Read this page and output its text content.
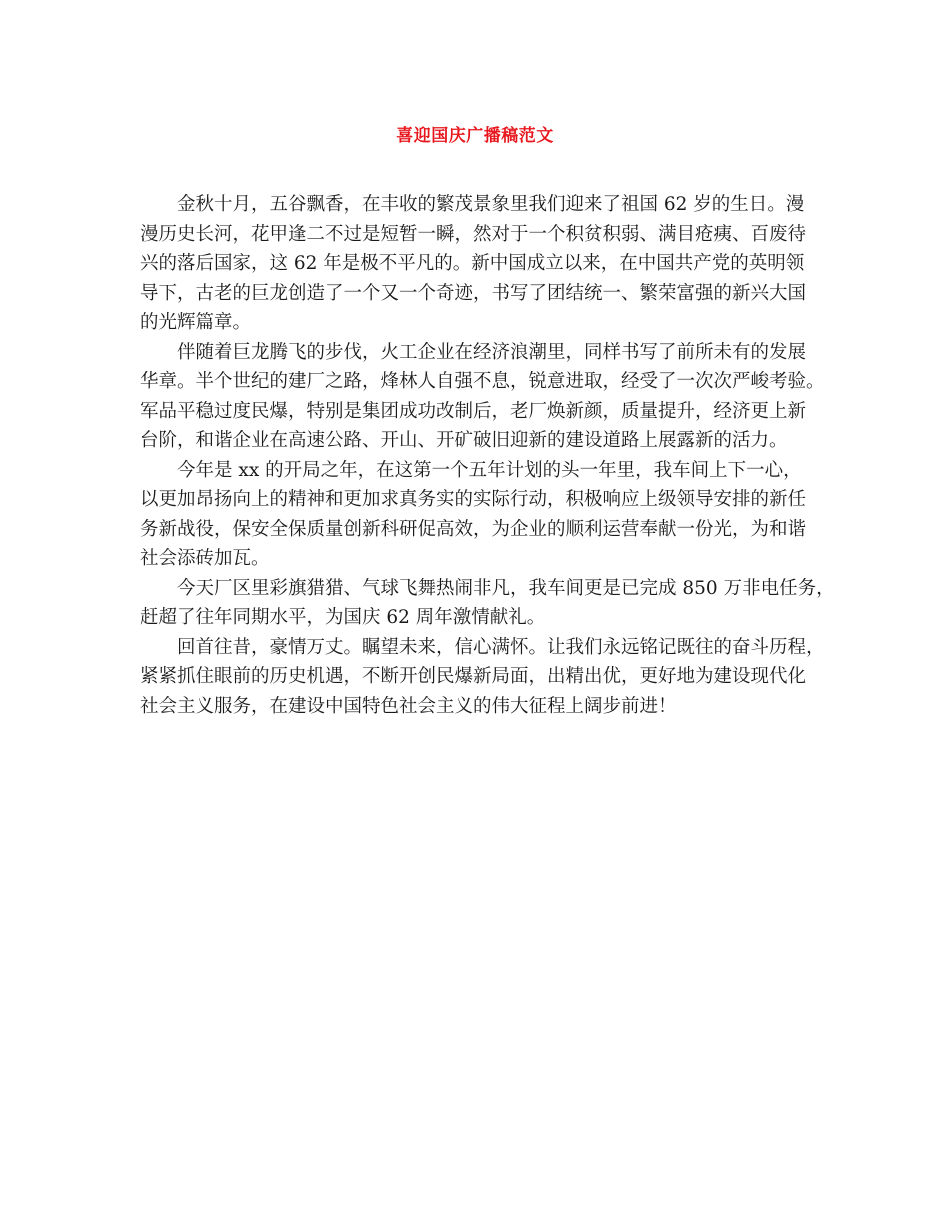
喜迎国庆广播稿范文
金秋十月，五谷飘香，在丰收的繁茂景象里我们迎来了祖国 62 岁的生日。漫
漫历史长河，花甲逢二不过是短暂一瞬，然对于一个积贫积弱、满目疮痍、百废待
兴的落后国家，这 62 年是极不平凡的。新中国成立以来，在中国共产党的英明领
导下，古老的巨龙创造了一个又一个奇迹，书写了团结统一、繁荣富强的新兴大国
的光辉篇章。
伴随着巨龙腾飞的步伐，火工企业在经济浪潮里，同样书写了前所未有的发展
华章。半个世纪的建厂之路，烽林人自强不息，锐意进取，经受了一次次严峻考验。
军品平稳过度民爆，特别是集团成功改制后，老厂焕新颜，质量提升，经济更上新
台阶，和谐企业在高速公路、开山、开矿破旧迎新的建设道路上展露新的活力。
今年是 xx 的开局之年，在这第一个五年计划的头一年里，我车间上下一心，
以更加昂扬向上的精神和更加求真务实的实际行动，积极响应上级领导安排的新任
务新战役，保安全保质量创新科研促高效，为企业的顺利运营奉献一份光，为和谐
社会添砖加瓦。
今天厂区里彩旗猎猎、气球飞舞热闹非凡，我车间更是已完成 850 万非电任务，
赶超了往年同期水平，为国庆 62 周年激情献礼。
回首往昔，豪情万丈。瞩望未来，信心满怀。让我们永远铭记既往的奋斗历程，
紧紧抓住眼前的历史机遇，不断开创民爆新局面，出精出优，更好地为建设现代化
社会主义服务，在建设中国特色社会主义的伟大征程上阔步前进！
